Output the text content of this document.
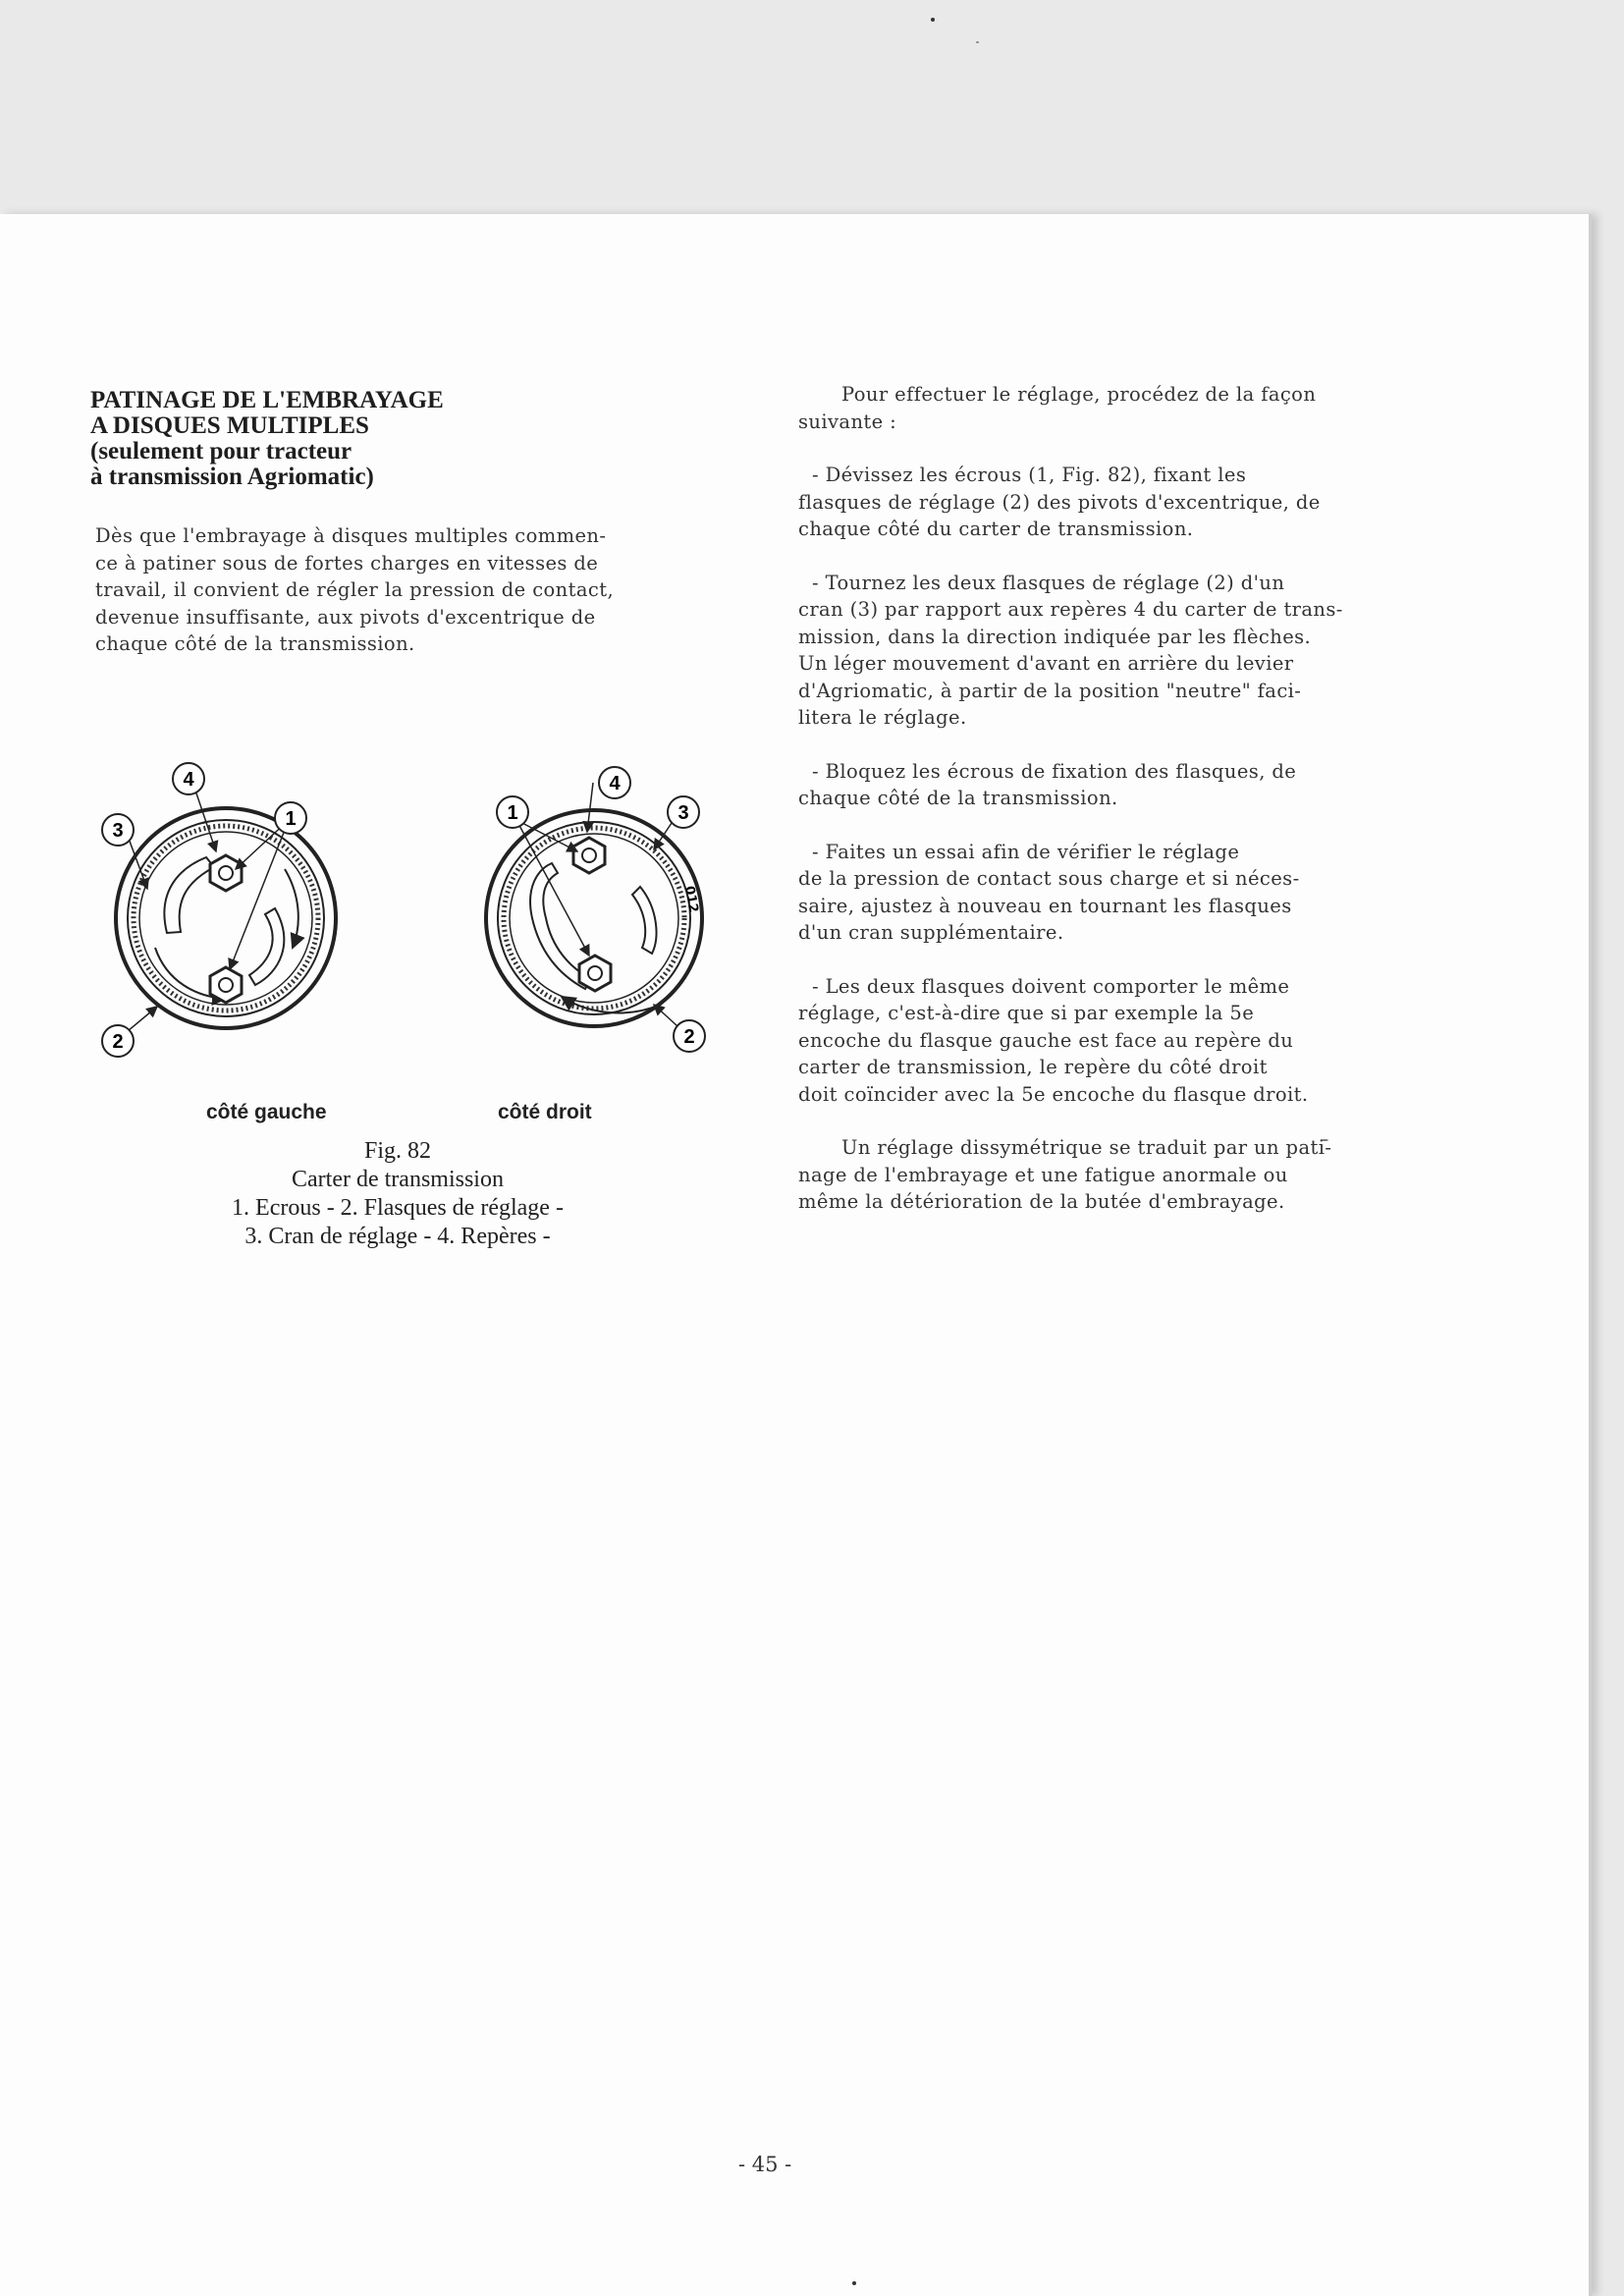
PATINAGE DE L'EMBRAYAGE
A DISQUES MULTIPLES
(seulement pour tracteur
à transmission Agriomatic)

Dès que l'embrayage à disques multiples commen-
ce à patiner sous de fortes charges en vitesses de
travail, il convient de régler la pression de contact,
devenue insuffisante, aux pivots d'excentrique de
chaque côté de la transmission.

4
1
3
2
012
4
1	3
2
côté gauche	côté droit
Fig. 82
Carter de transmission
1. Ecrous - 2. Flasques de réglage -
3. Cran de réglage - 4. Repères -

Pour effectuer le réglage, procédez de la façon
suivante :

- Dévissez les écrous (1, Fig. 82), fixant les
flasques de réglage (2) des pivots d'excentrique, de
chaque côté du carter de transmission.

- Tournez les deux flasques de réglage (2) d'un
cran (3) par rapport aux repères 4 du carter de trans-
mission, dans la direction indiquée par les flèches.
Un léger mouvement d'avant en arrière du levier
d'Agriomatic, à partir de la position "neutre" faci-
litera le réglage.

- Bloquez les écrous de fixation des flasques, de
chaque côté de la transmission.

- Faites un essai afin de vérifier le réglage
de la pression de contact sous charge et si néces-
saire, ajustez à nouveau en tournant les flasques
d'un cran supplémentaire.

- Les deux flasques doivent comporter le même
réglage, c'est-à-dire que si par exemple la 5e
encoche du flasque gauche est face au repère du
carter de transmission, le repère du côté droit
doit coïncider avec la 5e encoche du flasque droit.

Un réglage dissymétrique se traduit par un pati-
nage de l'embrayage et une fatigue anormale ou
même la détérioration de la butée d'embrayage.

- 45 -
